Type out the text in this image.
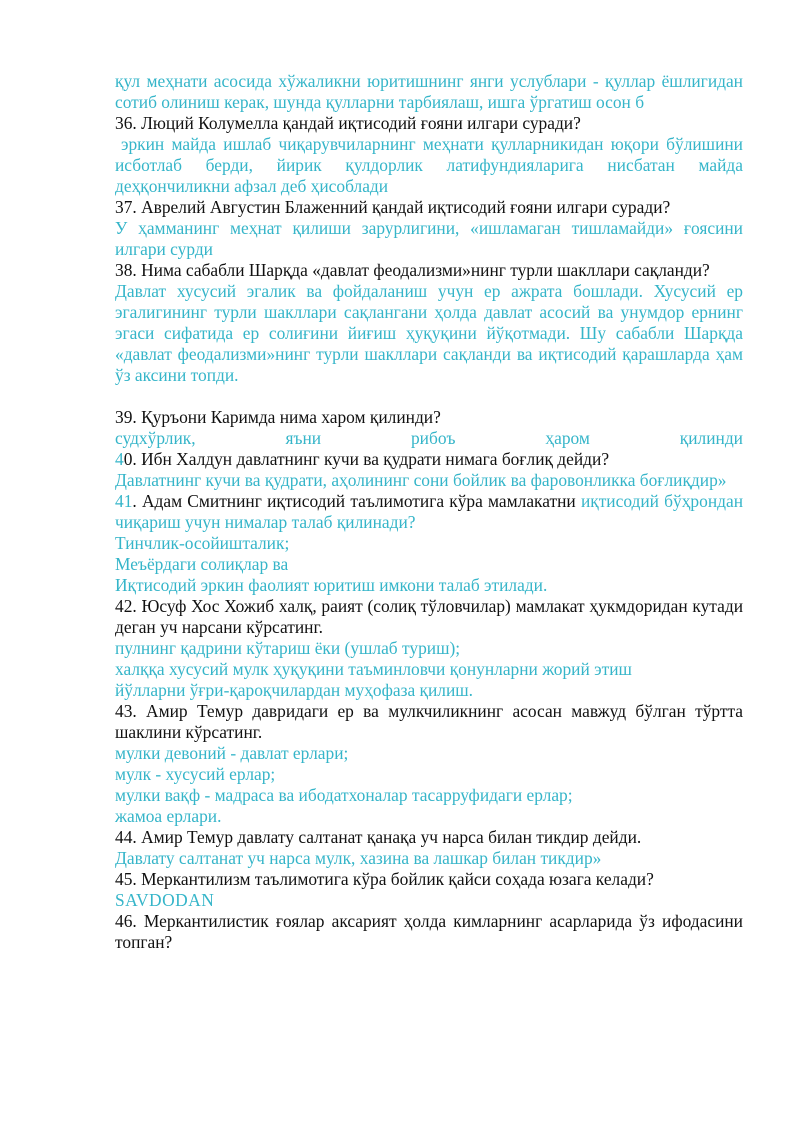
қул меҳнати асосида хўжаликни юритишнинг янги услублари - қуллар ёшлигидан сотиб олиниш керак, шунда қулларни тарбиялаш, ишга ўргатиш осон б

36. Люций Колумелла қандай иқтисодий ғояни илгари суради?

эркин майда ишлаб чиқарувчиларнинг меҳнати қулларникидан юқори бўлишини исботлаб берди, йирик қулдорлик латифундияларига нисбатан майда деҳқончиликни афзал деб ҳисоблади

37. Аврелий Августин Блаженний қандай иқтисодий ғояни илгари суради?

У ҳамманинг меҳнат қилиши зарурлигини, «ишламаган тишламайди» ғоясини илгари сурди

38. Нима сабабли Шарқда «давлат феодализми»нинг турли шакллари сақланди?

Давлат хусусий эгалик ва фойдаланиш учун ер ажрата бошлади. Хусусий ер эгалигининг турли шакллари сақлангани ҳолда давлат асосий ва унумдор ернинг эгаси сифатида ер солиғини йиғиш ҳуқуқини йўқотмади. Шу сабабли Шарқда «давлат феодализми»нинг турли шакллари сақланди ва иқтисодий қарашларда ҳам ўз аксини топди.

39. Қуръони Каримда нима харом қилинди?

судхўрлик, яъни рибоъ ҳаром қилинди

40. Ибн Халдун давлатнинг кучи ва қудрати нимага боғлиқ дейди?

Давлатнинг кучи ва қудрати, аҳолининг сони бойлик ва фаровонликка боғлиқдир»

41. Адам Смитнинг иқтисодий таълимотига кўра мамлакатни иқтисодий бўҳрондан чиқариш учун нималар талаб қилинади?

Тинчлик-осойишталик;

Меъёрдаги солиқлар ва

Иқтисодий эркин фаолият юритиш имкони талаб этилади.

42. Юсуф Хос Хожиб халқ, раият (солиқ тўловчилар) мамлакат ҳукмдоридан кутади деган уч нарсани кўрсатинг.

пулнинг қадрини кўтариш ёки (ушлаб туриш);

халққа хусусий мулк ҳуқуқини таъминловчи қонунларни жорий этиш

йўлларни ўғри-қароқчилардан муҳофаза қилиш.

43. Амир Темур давридаги ер ва мулкчиликнинг асосан мавжуд бўлган тўртта шаклини кўрсатинг.

мулки девоний - давлат ерлари;

мулк - хусусий ерлар;

мулки вақф - мадраса ва ибодатхоналар тасарруфидаги ерлар;

жамоа ерлари.

44. Амир Темур давлату салтанат қанақа уч нарса билан тикдир дейди.

Давлату салтанат уч нарса мулк, хазина ва лашкар билан тикдир»

45. Меркантилизм таълимотига кўра бойлик қайси соҳада юзага келади?

SAVDODAN

46. Меркантилистик ғоялар аксарият ҳолда кимларнинг асарларида ўз ифодасини топган?
